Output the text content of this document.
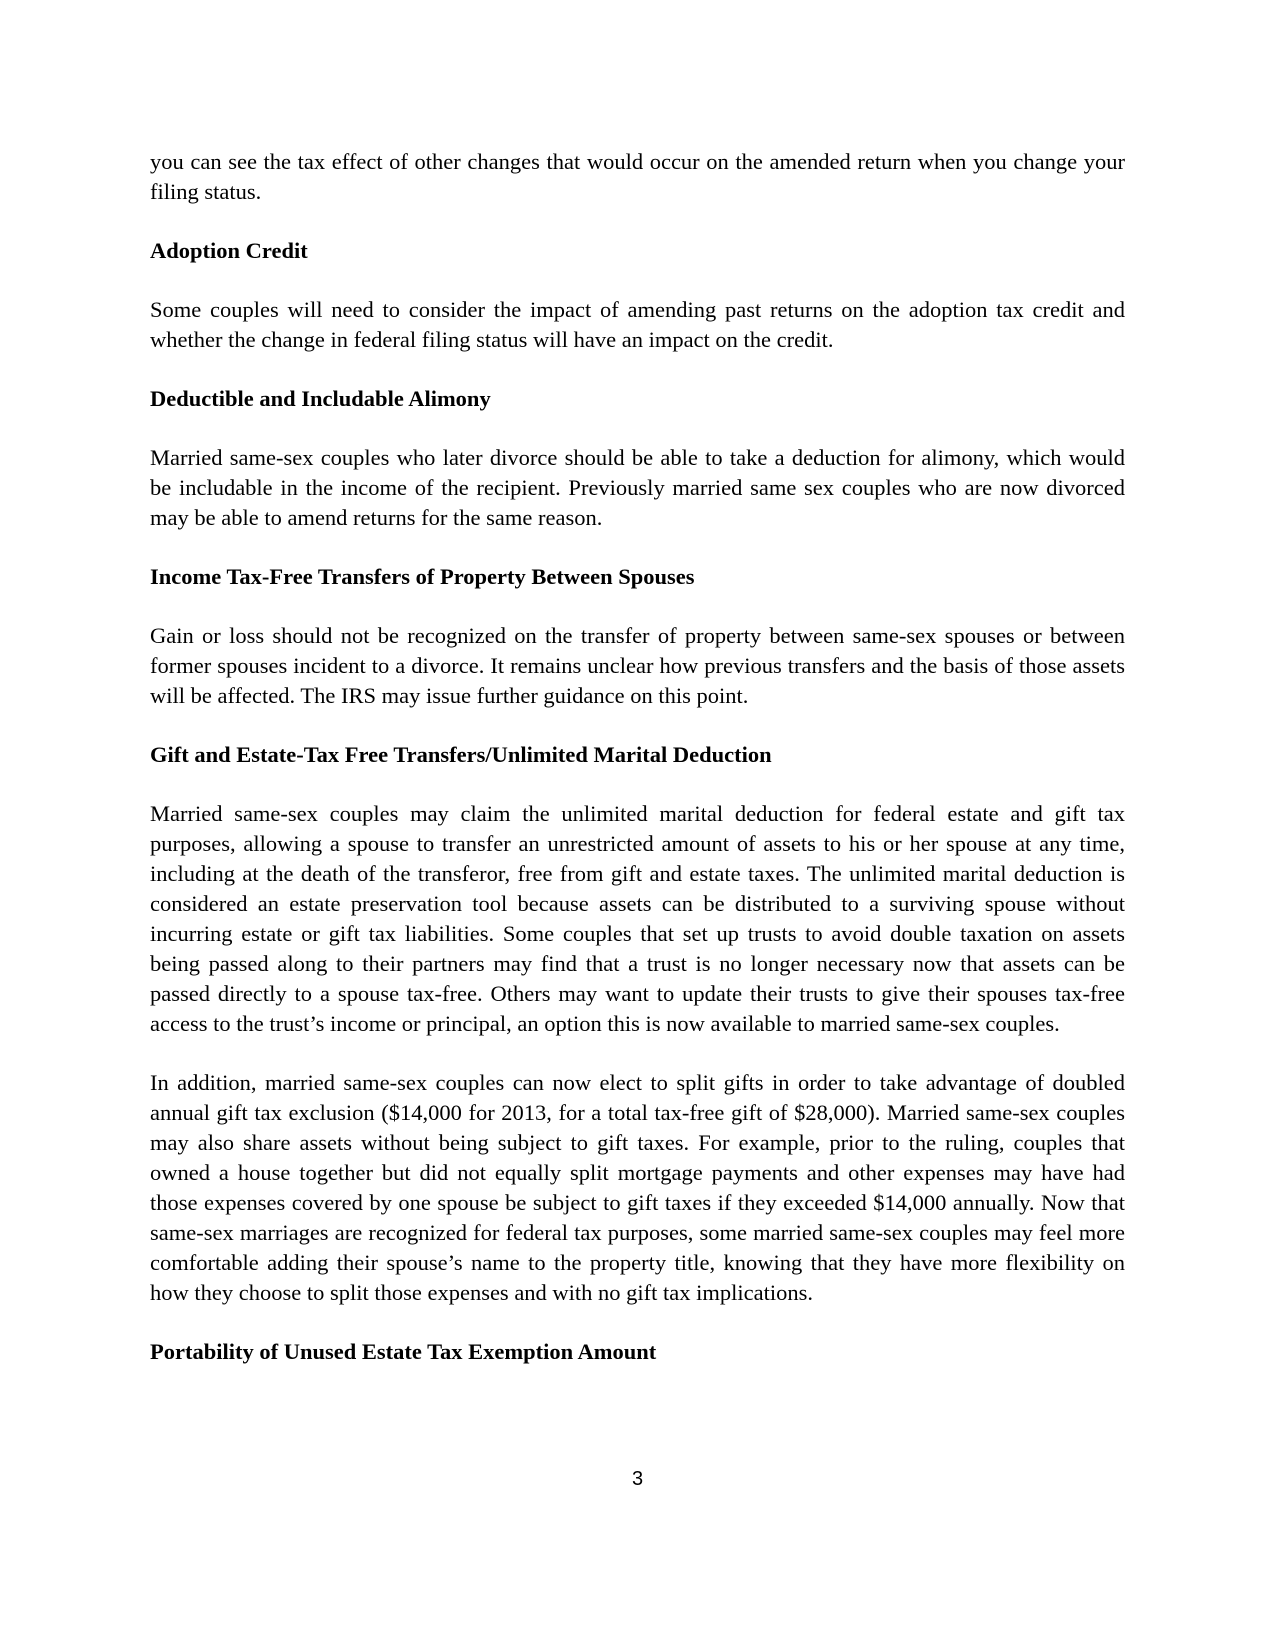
you can see the tax effect of other changes that would occur on the amended return when you change your filing status.

Adoption Credit

Some couples will need to consider the impact of amending past returns on the adoption tax credit and whether the change in federal filing status will have an impact on the credit.

Deductible and Includable Alimony

Married same-sex couples who later divorce should be able to take a deduction for alimony, which would be includable in the income of the recipient. Previously married same sex couples who are now divorced may be able to amend returns for the same reason.

Income Tax-Free Transfers of Property Between Spouses

Gain or loss should not be recognized on the transfer of property between same-sex spouses or between former spouses incident to a divorce. It remains unclear how previous transfers and the basis of those assets will be affected. The IRS may issue further guidance on this point.

Gift and Estate-Tax Free Transfers/Unlimited Marital Deduction

Married same-sex couples may claim the unlimited marital deduction for federal estate and gift tax purposes, allowing a spouse to transfer an unrestricted amount of assets to his or her spouse at any time, including at the death of the transferor, free from gift and estate taxes. The unlimited marital deduction is considered an estate preservation tool because assets can be distributed to a surviving spouse without incurring estate or gift tax liabilities. Some couples that set up trusts to avoid double taxation on assets being passed along to their partners may find that a trust is no longer necessary now that assets can be passed directly to a spouse tax-free. Others may want to update their trusts to give their spouses tax-free access to the trust’s income or principal, an option this is now available to married same-sex couples.

In addition, married same-sex couples can now elect to split gifts in order to take advantage of doubled annual gift tax exclusion ($14,000 for 2013, for a total tax-free gift of $28,000). Married same-sex couples may also share assets without being subject to gift taxes. For example, prior to the ruling, couples that owned a house together but did not equally split mortgage payments and other expenses may have had those expenses covered by one spouse be subject to gift taxes if they exceeded $14,000 annually. Now that same-sex marriages are recognized for federal tax purposes, some married same-sex couples may feel more comfortable adding their spouse’s name to the property title, knowing that they have more flexibility on how they choose to split those expenses and with no gift tax implications.

Portability of Unused Estate Tax Exemption Amount
3
